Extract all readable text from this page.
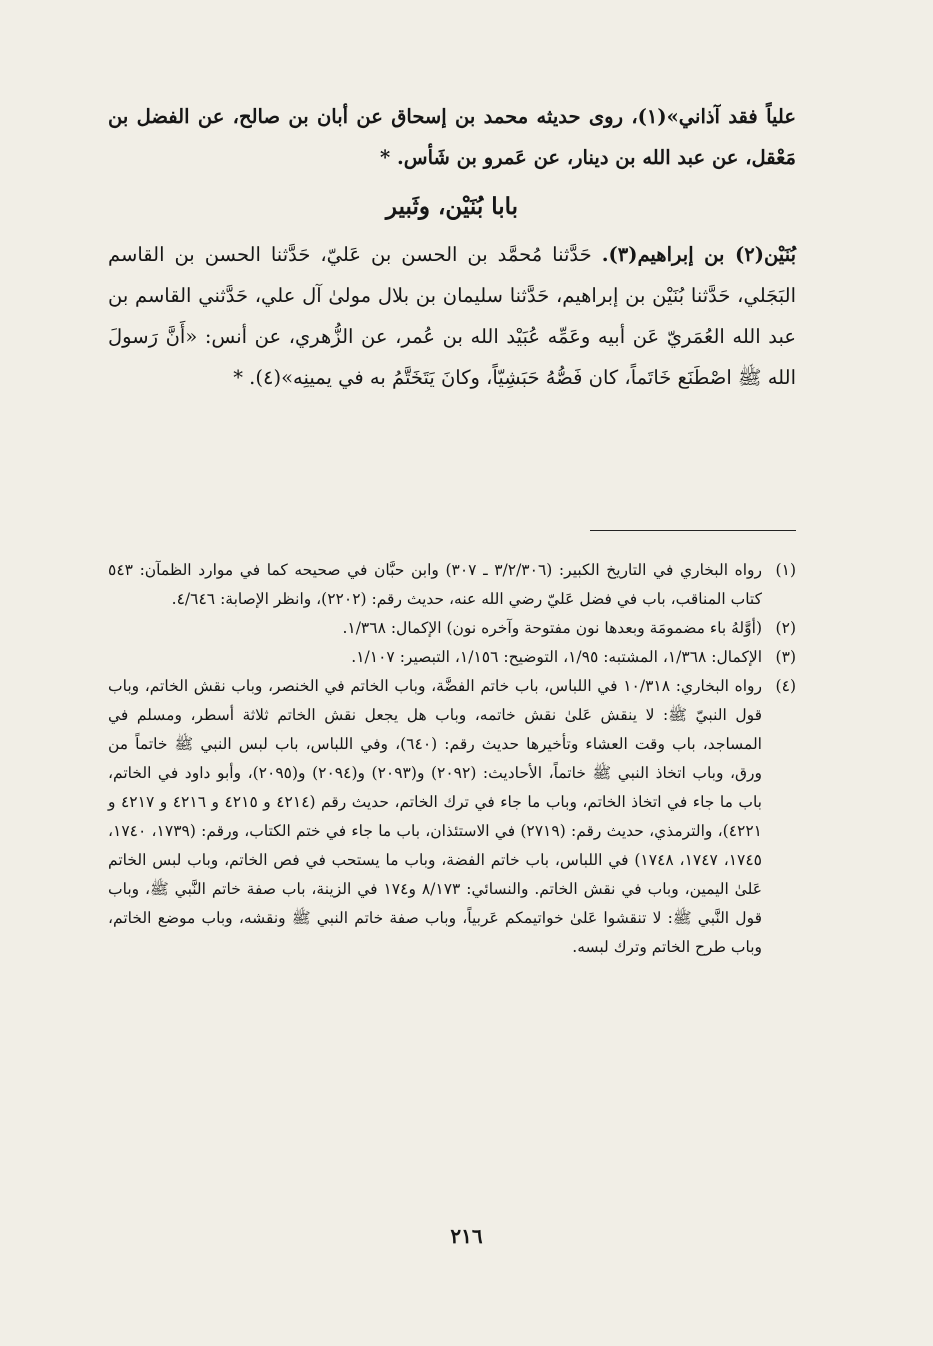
علياً فقد آذاني»(١)، روى حديثه محمد بن إسحاق عن أبان بن صالح، عن الفضل بن مَعْقل، عن عبد الله بن دينار، عن عَمرو بن شَأس. *

بابا بُنَيْن، وثَبير

بُنَيْن(٢) بن إبراهيم(٣). حَدَّثنا مُحمَّد بن الحسن بن عَليّ، حَدَّثنا الحسن بن القاسم البَجَلي، حَدَّثنا بُنَيْن بن إبراهيم، حَدَّثنا سليمان بن بلال مولىٰ آل علي، حَدَّثني القاسم بن عبد الله العُمَريّ عَن أبيه وعَمِّه عُبَيْد الله بن عُمر، عن الزُّهري، عن أنس: «أَنَّ رَسولَ الله ﷺ اصْطَنَع خَاتَماً، كان فَصُّهُ حَبَشِيّاً، وكانَ يَتَخَتَّمُ به في يمينِه»(٤). *

(١)
رواه البخاري في التاريخ الكبير: (٣/٢/٣٠٦ ـ ٣٠٧) وابن حبَّان في صحيحه كما في موارد الظمآن: ٥٤٣ كتاب المناقب، باب في فضل عَليّ رضي الله عنه، حديث رقم: (٢٢٠٢)، وانظر الإصابة: ٤/٦٤٦.

(٢)
(أوَّلهُ باء مضمومَة وبعدها نون مفتوحة وآخره نون) الإكمال: ١/٣٦٨.

(٣)
الإكمال: ١/٣٦٨، المشتبه: ١/٩٥، التوضيح: ١/١٥٦، التبصير: ١/١٠٧.

(٤)
رواه البخاري: ١٠/٣١٨ في اللباس، باب خاتم الفضَّة، وباب الخاتم في الخنصر، وباب نقش الخاتم، وباب قول النبيّ ﷺ: لا ينقش عَلىٰ نقش خاتمه، وباب هل يجعل نقش الخاتم ثلاثة أسطر، ومسلم في المساجد، باب وقت العشاء وتأخيرها حديث رقم: (٦٤٠)، وفي اللباس، باب لبس النبي ﷺ خاتماً من ورق، وباب اتخاذ النبي ﷺ خاتماً، الأحاديث: (٢٠٩٢) و(٢٠٩٣) و(٢٠٩٤) و(٢٠٩٥)، وأبو داود في الخاتم، باب ما جاء في اتخاذ الخاتم، وباب ما جاء في ترك الخاتم، حديث رقم (٤٢١٤ و ٤٢١٥ و ٤٢١٦ و ٤٢١٧ و ٤٢٢١)، والترمذي، حديث رقم: (٢٧١٩) في الاستئذان، باب ما جاء في ختم الكتاب، ورقم: (١٧٣٩، ١٧٤٠، ١٧٤٥، ١٧٤٧، ١٧٤٨) في اللباس، باب خاتم الفضة، وباب ما يستحب في فص الخاتم، وباب لبس الخاتم عَلىٰ اليمين، وباب في نقش الخاتم. والنسائي: ٨/١٧٣ و١٧٤ في الزينة، باب صفة خاتم النَّبي ﷺ، وباب قول النَّبي ﷺ: لا تنقشوا عَلىٰ خواتيمكم عَربياً، وباب صفة خاتم النبي ﷺ ونقشه، وباب موضع الخاتم، وباب طرح الخاتم وترك لبسه.

٢١٦
